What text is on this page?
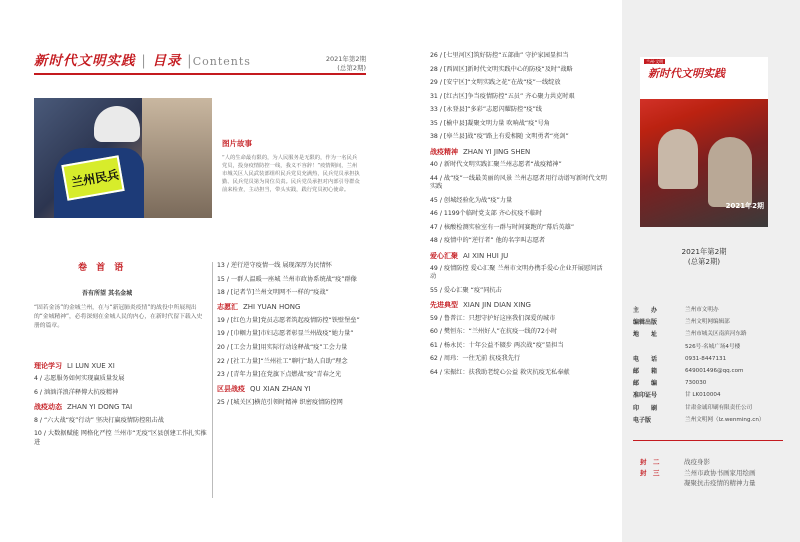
新时代文明实践 | 目录 |Contents	2021年第2期
(总第2期)
兰州民兵
图片故事
“人的生命最有限的，为人民服务是无限的，作为一名民兵党员，投身疫情防控一线，我义不容辞！”疫情期间，兰州市城关区人民武装部组织民兵党员充满热，民兵党员承担执勤、民兵党员第为岗位员责。民兵党员承担对内部引导群众前来检查，主动担当，带头实践，践行党员初心使命。
卷 首 语
吾有所望 其名金城
“固若金汤”的金城兰州，在与“新冠肺炎疫情”的战役中所展现出的“金城精神”，必将深刻在金城人民的内心，在新时代留下载入史册的篇章。
理论学习 LI LUN XUE XI
4 / 志愿服务如何实现赢质量发展
6 / 汹汹洋浪洋释傳大抗疫精神
战疫动态 ZHAN YI DONG TAI
8 / “六大战“疫”行动” 坚决打赢疫情防控阻击战
10 / 大数据赋能 网格化严控 兰州市“无疫”区县创建工作扎实推进
13 / 逆行逆守疫情一线 展现深厚为民情怀
15 / 一群人温暖一座城 兰州市政协系统战“疫”群像
18 / [记者节]兰州文明网不一样的“疫战”
志愿汇 ZHI YUAN HONG
19 / [红色力量]党员志愿者筑起疫情防控“铁壁堡垒”
19 / [巾帼力量]市妇志愿者彰显兰州战疫“她力量”
20 / [工会力量]用实际行动诠释战“疫”工会力量
22 / [社工力量]“兰州社工”聊行“助人自助”理念
23 / [青年力量]在党旗下点燃战“疫”青春之光
区县战疫 QU XIAN ZHAN YI
25 / [城关区]横范引领时精神 织密疫情防控网
26 / [七里河区]筑好防控“五部曲” 守护家园显担当
28 / [西固区]新时代文明实践中心的防疫“及时”战略
29 / [安宁区]“文明实践之花”在战“疫”一线绽放
31 / [红古区]争当疫情防控“五员” 齐心聚力共克时艰
33 / [永登县]“多彩”志愿闪耀防控“疫”线
35 / [榆中县]凝聚文明力量 吹响战“疫”号角
38 / [皋兰县]战“疫”路上有爱相随 文明勇者“亮剑”
战疫精神 ZHAN YI JING SHEN
40 / 新时代文明实践汇聚兰州志愿者“战疫精神”
44 / 战“疫”一线最美丽的风景 兰州志愿者用行动谱写新时代文明实践
45 / 创城经验化为战“疫”力量
46 / 1199个临时党支部 齐心抗疫不临时
47 / 核酸检测实验室有一群与时间赛跑的“幕后英雄”
48 / 疫情中的“逆行者” 他的名字叫志愿者
爱心汇聚 AI XIN HUI JU
49 / 疫情防控 爱心汇聚 兰州市文明办携手爱心企业开展慰问活动
55 / 爱心汇聚 “疫”同抗击
先进典型 XIAN JIN DIAN XING
59 / 鲁普江：只想守护好这座我们深爱的城市
60 / 樊恒东：“兰州好人”在抗疫一线的72小时
61 / 杨永民：十年公益不辍步 两次战“疫”显担当
62 / 周玮：一往无前 抗疫我先行
64 / 宋振红：扶我助老绽心公益 救灾抗疫无私奉献
兰州·文明
新时代文明实践
2021年2期
2021年第2期
(总第2期)
主　　办	兰州市文明办
编辑出版	兰州文明网编辑部
地　　址	兰州市城关区南滨河东路
526号·名城广场4号楼
电　　话	0931-8447131
邮　　箱	649001496@qq.com
邮　　编	730030
准印证号	甘 LK010004
印　　刷	甘肃金诚印刷有限责任公司
电子版	兰州文明网（lz.wenming.cn）
封　二	战疫身影
封　三	兰州市政协书画家用绘画
凝聚抗击疫情的精神力量
